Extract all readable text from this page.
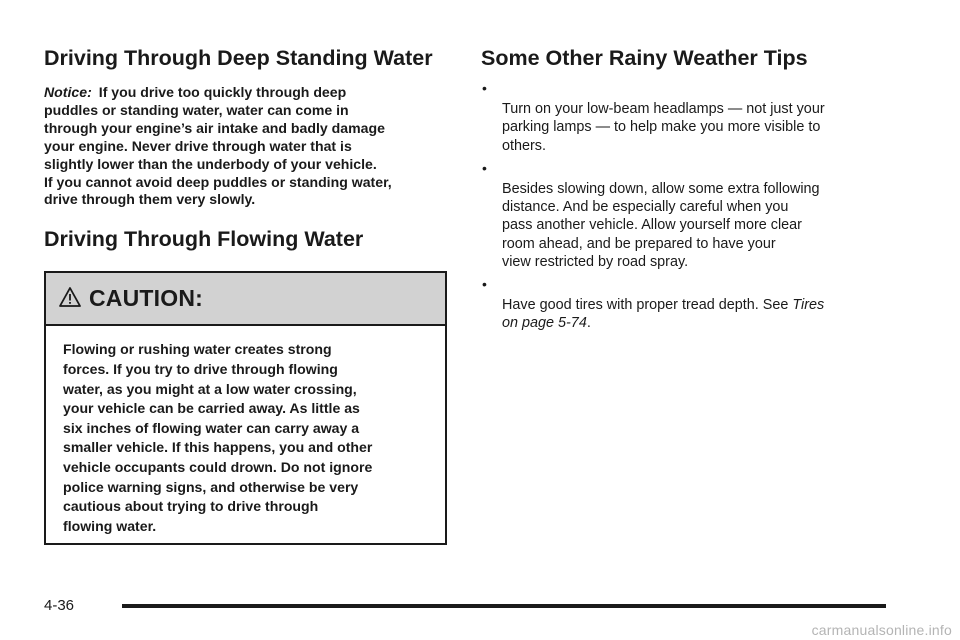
Driving Through Deep Standing Water

Notice: If you drive too quickly through deep
puddles or standing water, water can come in
through your engine’s air intake and badly damage
your engine. Never drive through water that is
slightly lower than the underbody of your vehicle.
If you cannot avoid deep puddles or standing water,
drive through them very slowly.

Driving Through Flowing Water
CAUTION:
Flowing or rushing water creates strong
forces. If you try to drive through flowing
water, as you might at a low water crossing,
your vehicle can be carried away. As little as
six inches of flowing water can carry away a
smaller vehicle. If this happens, you and other
vehicle occupants could drown. Do not ignore
police warning signs, and otherwise be very
cautious about trying to drive through
flowing water.
Some Other Rainy Weather Tips

•
Turn on your low-beam headlamps — not just your
parking lamps — to help make you more visible to
others.

•
Besides slowing down, allow some extra following
distance. And be especially careful when you
pass another vehicle. Allow yourself more clear
room ahead, and be prepared to have your
view restricted by road spray.

•
Have good tires with proper tread depth. See Tires
on page 5-74.

4-36
carmanualsonline.info
